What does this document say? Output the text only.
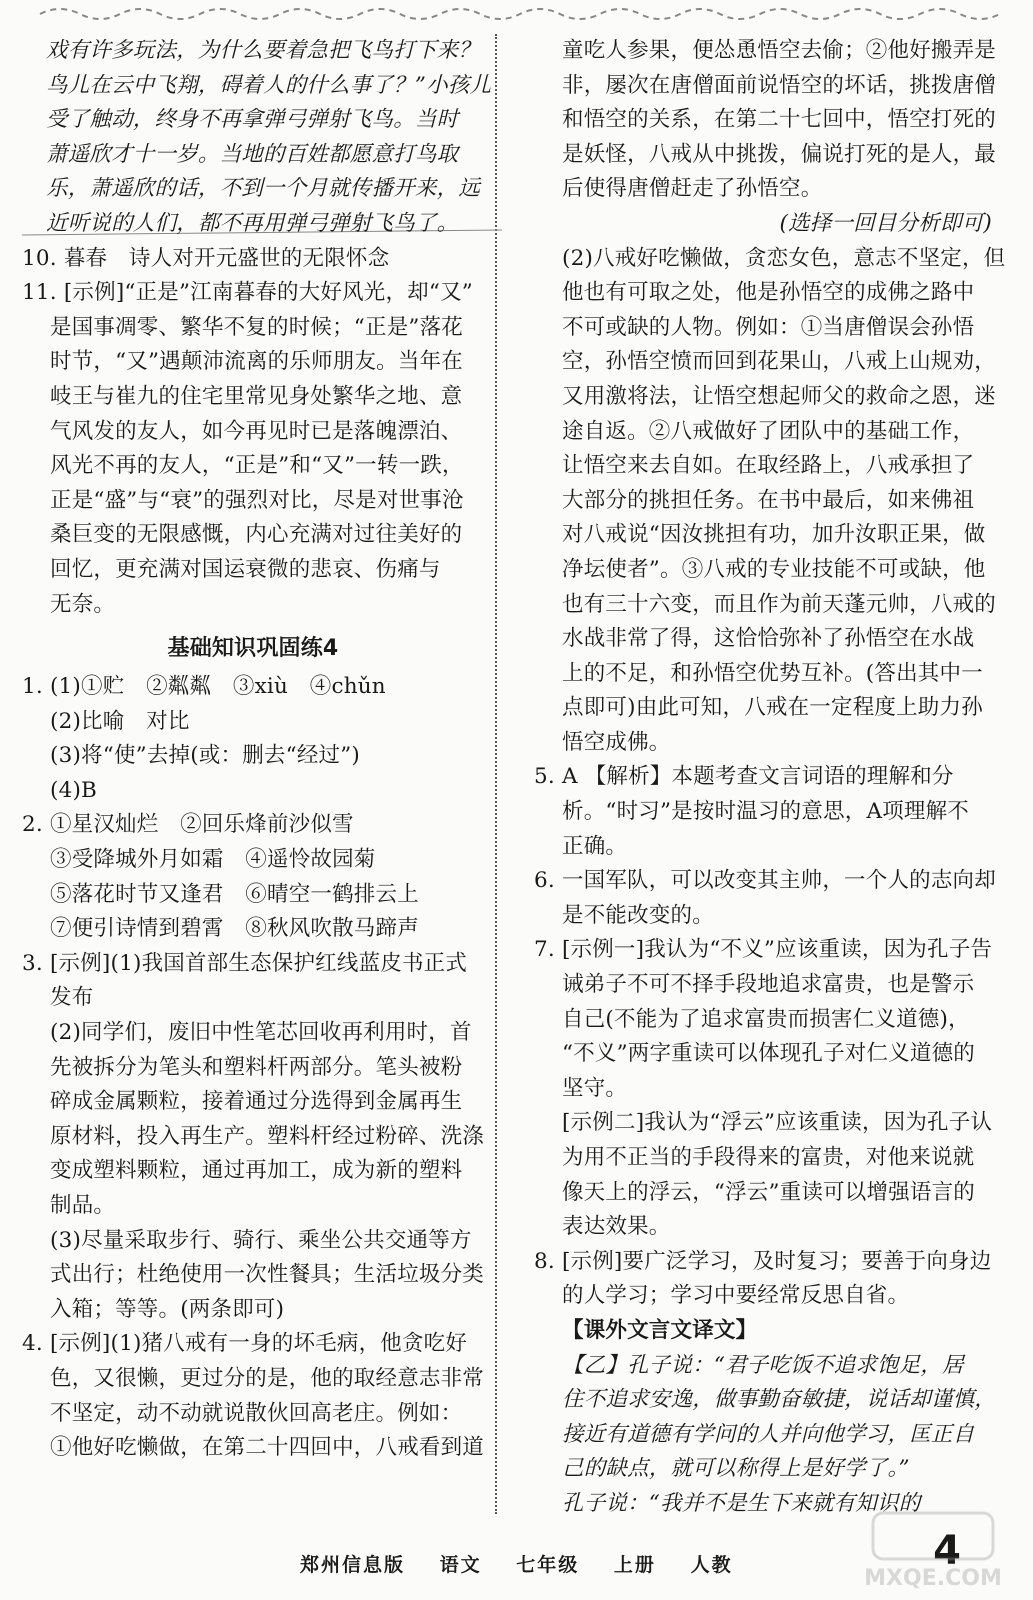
戏有许多玩法，为什么要着急把飞鸟打下来？
鸟儿在云中飞翔，碍着人的什么事了？”小孩儿
受了触动，终身不再拿弹弓弹射飞鸟。当时
萧遥欣才十一岁。当地的百姓都愿意打鸟取
乐，萧遥欣的话，不到一个月就传播开来，远
近听说的人们，都不再用弹弓弹射飞鸟了。
10. 暮春　诗人对开元盛世的无限怀念
11. [示例]“正是”江南暮春的大好风光，却“又”
是国事凋零、繁华不复的时候；“正是”落花
时节，“又”遇颠沛流离的乐师朋友。当年在
岐王与崔九的住宅里常见身处繁华之地、意
气风发的友人，如今再见时已是落魄漂泊、
风光不再的友人，“正是”和“又”一转一跌，
正是“盛”与“衰”的强烈对比，尽是对世事沧
桑巨变的无限感慨，内心充满对过往美好的
回忆，更充满对国运衰微的悲哀、伤痛与
无奈。
基础知识巩固练4
1. (1)①贮　②粼粼　③xiù　④chǔn
(2)比喻　对比
(3)将“使”去掉(或：删去“经过”)
(4)B
2. ①星汉灿烂　②回乐烽前沙似雪
③受降城外月如霜　④遥怜故园菊
⑤落花时节又逢君　⑥晴空一鹤排云上
⑦便引诗情到碧霄　⑧秋风吹散马蹄声
3. [示例](1)我国首部生态保护红线蓝皮书正式
发布
(2)同学们，废旧中性笔芯回收再利用时，首
先被拆分为笔头和塑料杆两部分。笔头被粉
碎成金属颗粒，接着通过分选得到金属再生
原材料，投入再生产。塑料杆经过粉碎、洗涤
变成塑料颗粒，通过再加工，成为新的塑料
制品。
(3)尽量采取步行、骑行、乘坐公共交通等方
式出行；杜绝使用一次性餐具；生活垃圾分类
入箱；等等。(两条即可)
4. [示例](1)猪八戒有一身的坏毛病，他贪吃好
色，又很懒，更过分的是，他的取经意志非常
不坚定，动不动就说散伙回高老庄。例如：
①他好吃懒做，在第二十四回中，八戒看到道
童吃人参果，便怂恿悟空去偷；②他好搬弄是
非，屡次在唐僧面前说悟空的坏话，挑拨唐僧
和悟空的关系，在第二十七回中，悟空打死的
是妖怪，八戒从中挑拨，偏说打死的是人，最
后使得唐僧赶走了孙悟空。
(选择一回目分析即可)
(2)八戒好吃懒做，贪恋女色，意志不坚定，但
他也有可取之处，他是孙悟空的成佛之路中
不可或缺的人物。例如：①当唐僧误会孙悟
空，孙悟空愤而回到花果山，八戒上山规劝，
又用激将法，让悟空想起师父的救命之恩，迷
途自返。②八戒做好了团队中的基础工作，
让悟空来去自如。在取经路上，八戒承担了
大部分的挑担任务。在书中最后，如来佛祖
对八戒说“因汝挑担有功，加升汝职正果，做
净坛使者”。③八戒的专业技能不可或缺，他
也有三十六变，而且作为前天蓬元帅，八戒的
水战非常了得，这恰恰弥补了孙悟空在水战
上的不足，和孙悟空优势互补。(答出其中一
点即可)由此可知，八戒在一定程度上助力孙
悟空成佛。
5. A 【解析】本题考查文言词语的理解和分
析。“时习”是按时温习的意思，A项理解不
正确。
6. 一国军队，可以改变其主帅，一个人的志向却
是不能改变的。
7. [示例一]我认为“不义”应该重读，因为孔子告
诫弟子不可不择手段地追求富贵，也是警示
自己(不能为了追求富贵而损害仁义道德)，
“不义”两字重读可以体现孔子对仁义道德的
坚守。
[示例二]我认为“浮云”应该重读，因为孔子认
为用不正当的手段得来的富贵，对他来说就
像天上的浮云，“浮云”重读可以增强语言的
表达效果。
8. [示例]要广泛学习，及时复习；要善于向身边
的人学习；学习中要经常反思自省。
【课外文言文译文】
【乙】孔子说：“君子吃饭不追求饱足，居
住不追求安逸，做事勤奋敏捷，说话却谨慎，
接近有道德有学问的人并向他学习，匡正自
己的缺点，就可以称得上是好学了。”
孔子说：“我并不是生下来就有知识的
郑州信息版 语文 七年级 上册 人教	4
MXQE.COM
